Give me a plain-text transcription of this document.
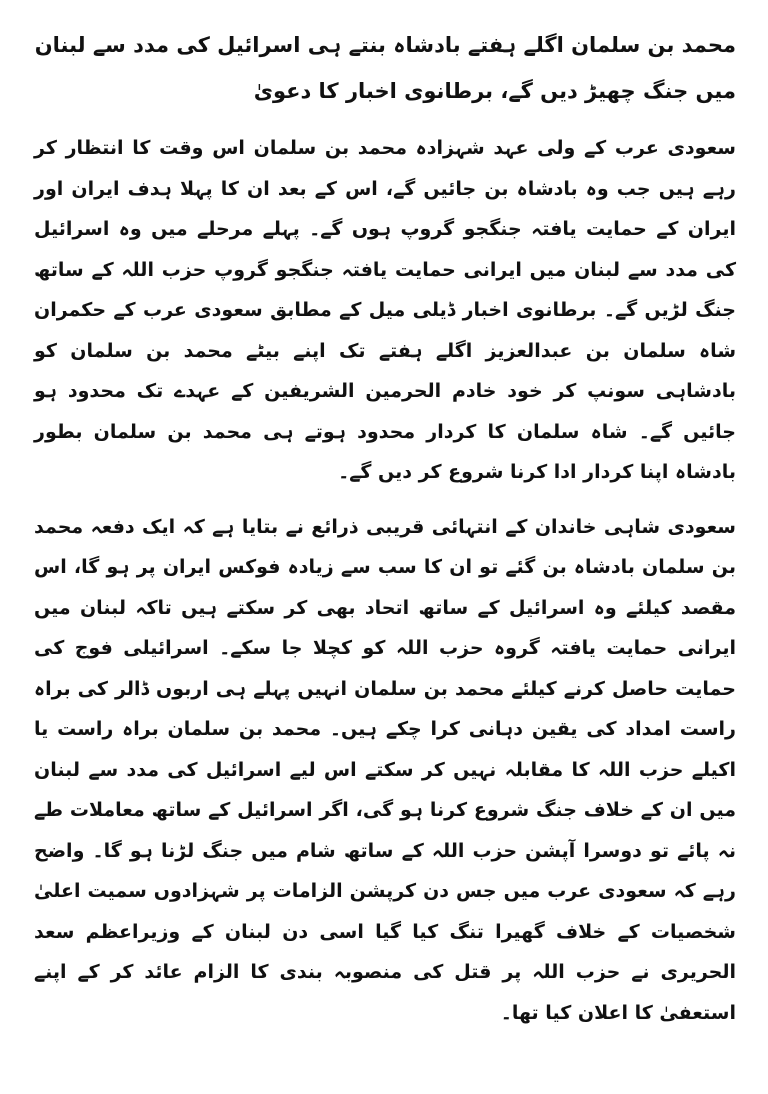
محمد بن سلمان اگلے ہفتے بادشاہ بنتے ہی اسرائیل کی مدد سے لبنان میں جنگ چھیڑ دیں گے، برطانوی اخبار کا دعویٰ

سعودی عرب کے ولی عہد شہزادہ محمد بن سلمان اس وقت کا انتظار کر رہے ہیں جب وہ بادشاہ بن جائیں گے، اس کے بعد ان کا پہلا ہدف ایران اور ایران کے حمایت یافتہ جنگجو گروپ ہوں گے۔ پہلے مرحلے میں وہ اسرائیل کی مدد سے لبنان میں ایرانی حمایت یافتہ جنگجو گروپ حزب اللہ کے ساتھ جنگ لڑیں گے۔ برطانوی اخبار ڈیلی میل کے مطابق سعودی عرب کے حکمران شاہ سلمان بن عبدالعزیز اگلے ہفتے تک اپنے بیٹے محمد بن سلمان کو بادشاہی سونپ کر خود خادم الحرمین الشریفین کے عہدے تک محدود ہو جائیں گے۔ شاہ سلمان کا کردار محدود ہوتے ہی محمد بن سلمان بطور بادشاہ اپنا کردار ادا کرنا شروع کر دیں گے۔

سعودی شاہی خاندان کے انتہائی قریبی ذرائع نے بتایا ہے کہ ایک دفعہ محمد بن سلمان بادشاہ بن گئے تو ان کا سب سے زیادہ فوکس ایران پر ہو گا، اس مقصد کیلئے وہ اسرائیل کے ساتھ اتحاد بھی کر سکتے ہیں تاکہ لبنان میں ایرانی حمایت یافتہ گروہ حزب اللہ کو کچلا جا سکے۔ اسرائیلی فوج کی حمایت حاصل کرنے کیلئے محمد بن سلمان انہیں پہلے ہی اربوں ڈالر کی براہ راست امداد کی یقین دہانی کرا چکے ہیں۔ محمد بن سلمان براہ راست یا اکیلے حزب اللہ کا مقابلہ نہیں کر سکتے اس لیے اسرائیل کی مدد سے لبنان میں ان کے خلاف جنگ شروع کرنا ہو گی، اگر اسرائیل کے ساتھ معاملات طے نہ پائے تو دوسرا آپشن حزب اللہ کے ساتھ شام میں جنگ لڑنا ہو گا۔ واضح رہے کہ سعودی عرب میں جس دن کرپشن الزامات پر شہزادوں سمیت اعلیٰ شخصیات کے خلاف گھیرا تنگ کیا گیا اسی دن لبنان کے وزیراعظم سعد الحریری نے حزب اللہ پر قتل کی منصوبہ بندی کا الزام عائد کر کے اپنے استعفیٰ کا اعلان کیا تھا۔
